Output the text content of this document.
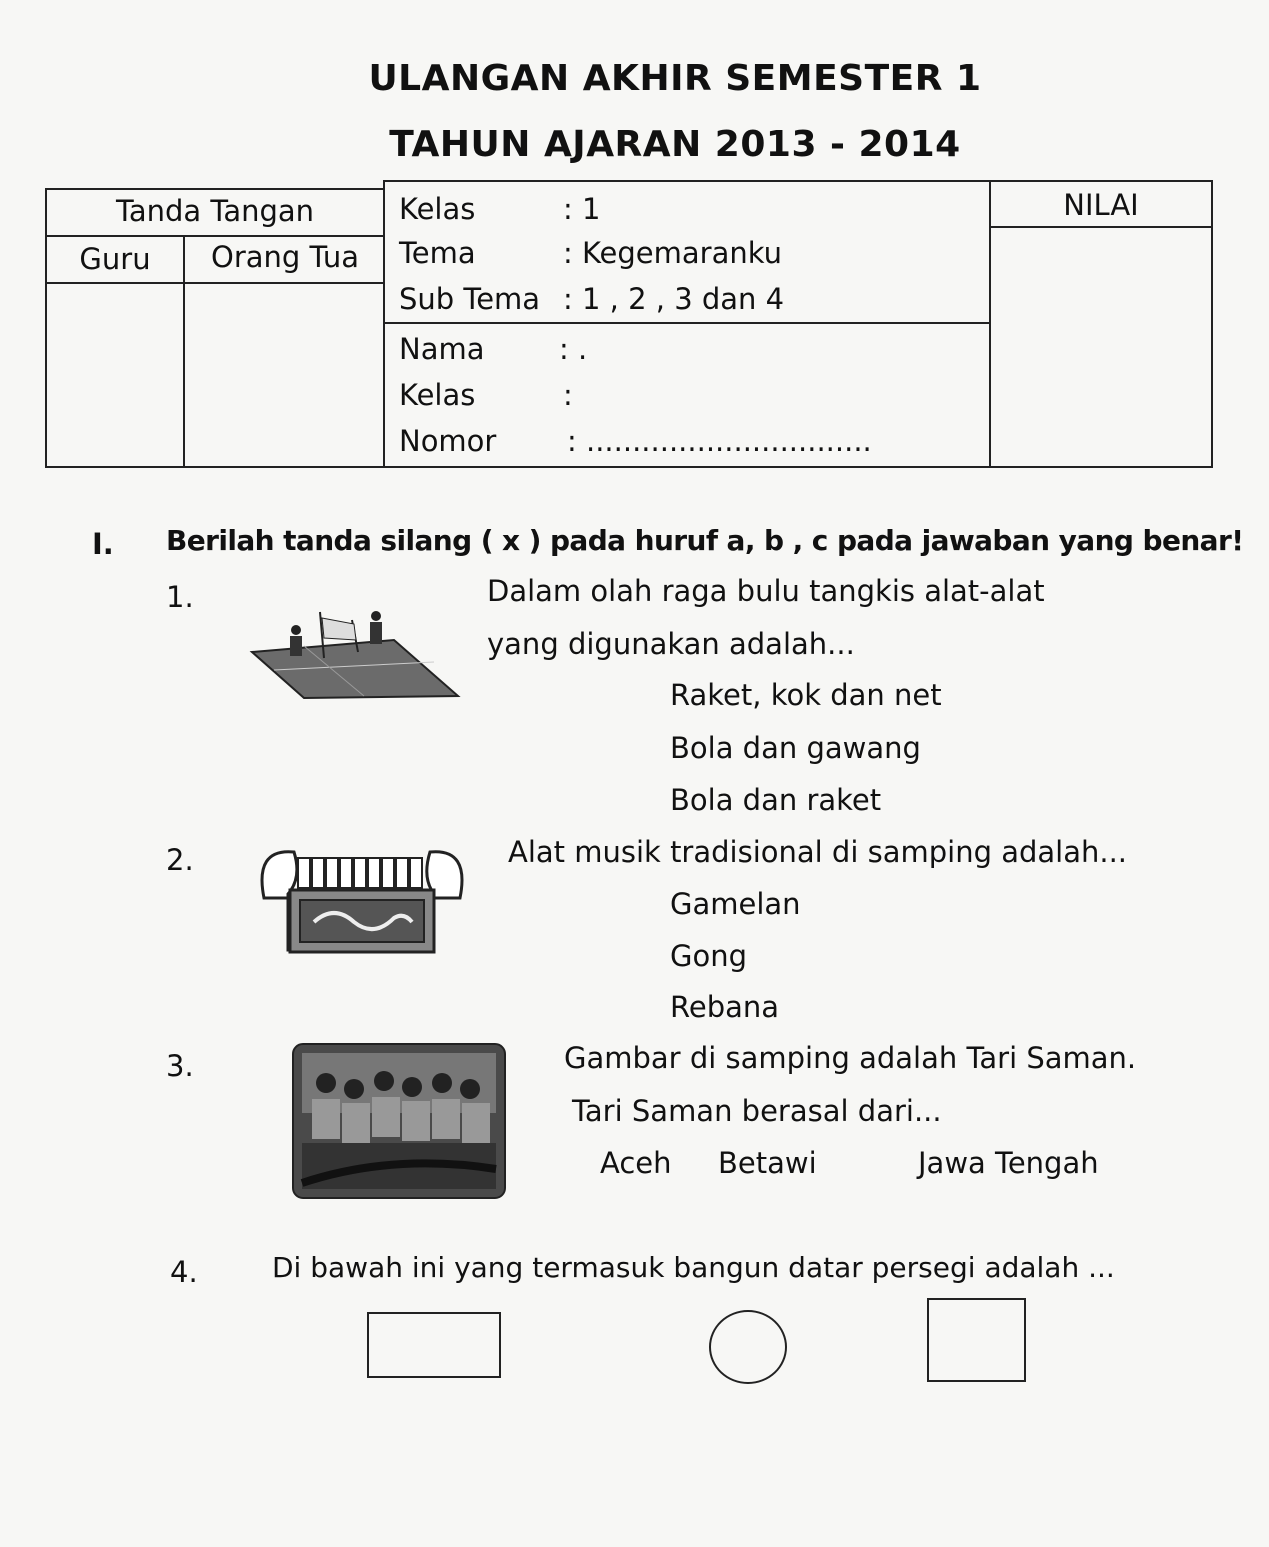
ULANGAN AKHIR SEMESTER 1
TAHUN AJARAN 2013 - 2014
Tanda Tangan
Guru	Orang Tua
NILAI
Kelas	: 1
Tema	: Kegemaranku
Sub Tema : 1 , 2 , 3 dan 4
Nama	: .
Kelas	:
Nomor : ...............................
I. Berilah tanda silang ( x ) pada huruf a, b , c pada jawaban yang benar!
1.	Dalam olah raga bulu tangkis alat-alat
yang digunakan adalah...
Raket, kok dan net
Bola dan gawang
Bola dan raket
2.	Alat musik tradisional di samping adalah...
Gamelan
Gong
Rebana
3.	Gambar di samping adalah Tari Saman.
Tari Saman berasal dari...
Aceh Betawi	Jawa Tengah
4.	Di bawah ini yang termasuk bangun datar persegi adalah ...
